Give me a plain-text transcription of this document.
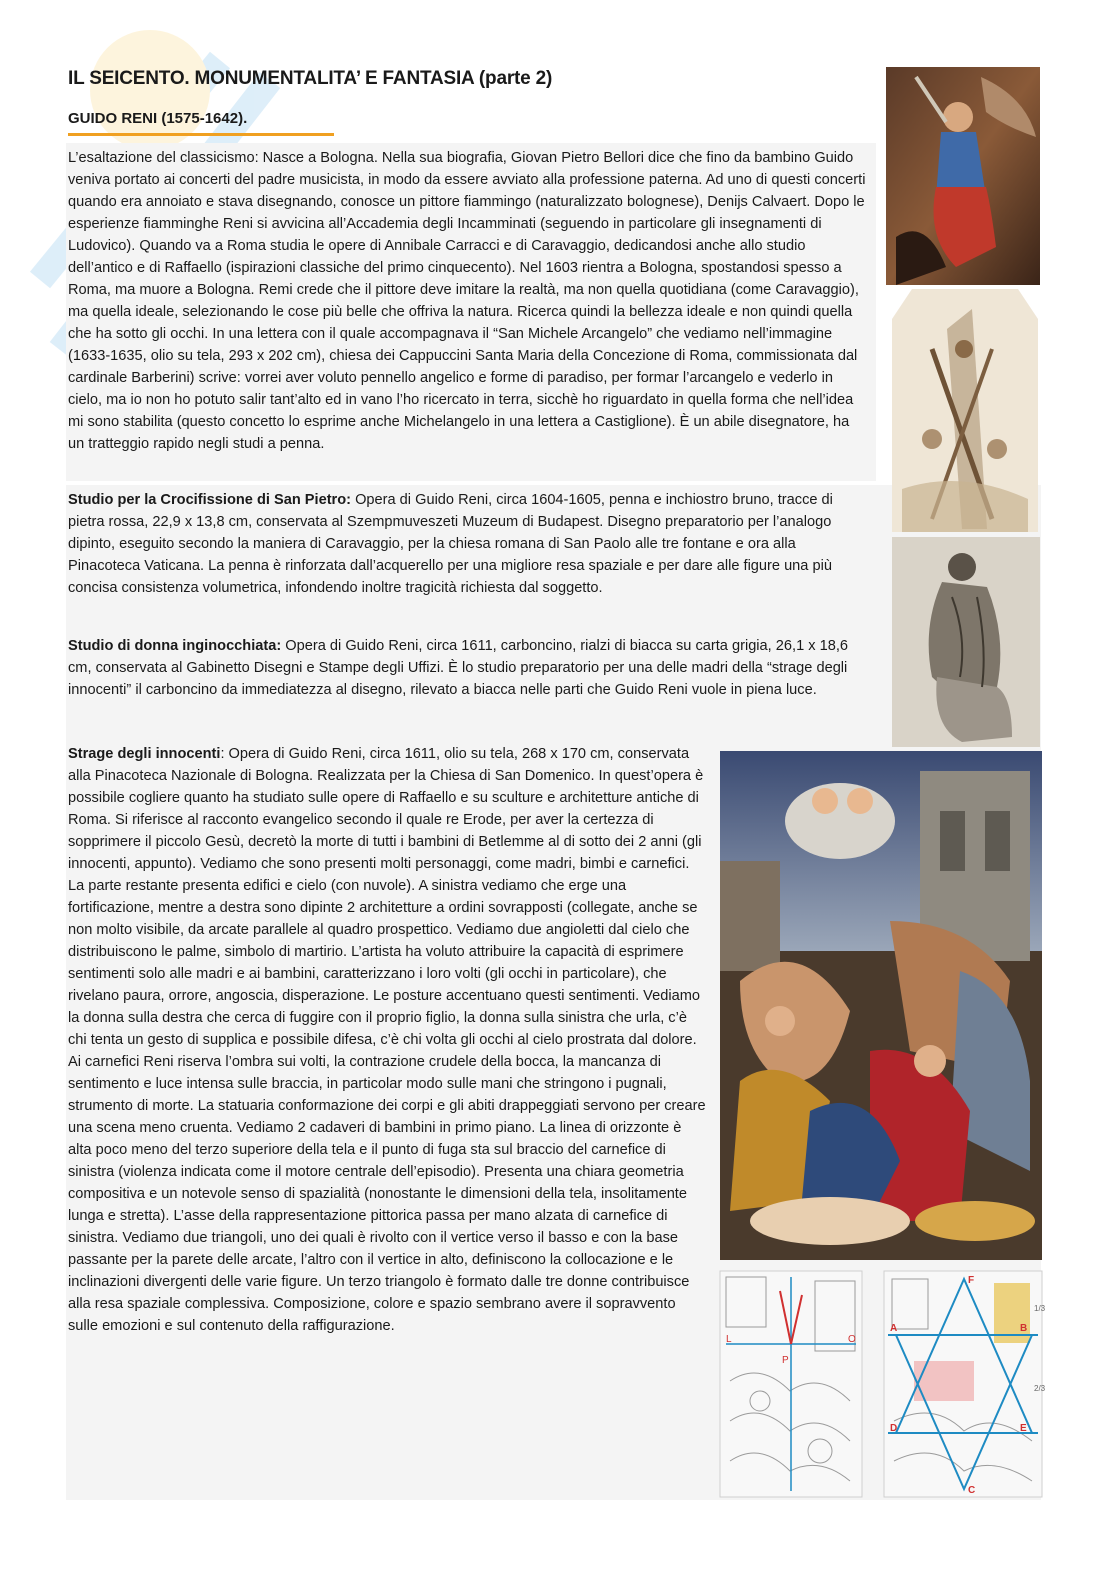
IL SEICENTO. MONUMENTALITA’ E FANTASIA (parte 2)
GUIDO RENI (1575-1642).

L’esaltazione del classicismo: Nasce a Bologna. Nella sua biografia, Giovan Pietro Bellori dice che fino da bambino Guido veniva portato ai concerti del padre musicista, in modo da essere avviato alla professione paterna. Ad uno di questi concerti quando era annoiato e stava disegnando, conosce un pittore fiammingo (naturalizzato bolognese), Denijs Calvaert. Dopo le esperienze fiamminghe Reni si avvicina all’Accademia degli Incamminati (seguendo in particolare gli insegnamenti di Ludovico). Quando va a Roma studia le opere di Annibale Carracci e di Caravaggio, dedicandosi anche allo studio dell’antico e di Raffaello (ispirazioni classiche del primo cinquecento). Nel 1603 rientra a Bologna, spostandosi spesso a Roma, ma muore a Bologna. Remi crede che il pittore deve imitare la realtà, ma non quella quotidiana (come Caravaggio), ma quella ideale, selezionando le cose più belle che offriva la natura. Ricerca quindi la bellezza ideale e non quindi quella che ha sotto gli occhi. In una lettera con il quale accompagnava il “San Michele Arcangelo” che vediamo nell’immagine (1633-1635, olio su tela, 293 x 202 cm), chiesa dei Cappuccini Santa Maria della Concezione di Roma, commissionata dal cardinale Barberini) scrive: vorrei aver voluto pennello angelico e forme di paradiso, per formar l’arcangelo e vederlo in cielo, ma io non ho potuto salir tant’alto ed in vano l’ho ricercato in terra, sicchè ho riguardato in quella forma che nell’idea mi sono stabilita (questo concetto lo esprime anche Michelangelo in una lettera a Castiglione). È un abile disegnatore, ha un tratteggio rapido negli studi a penna.

Studio per la Crocifissione di San Pietro: Opera di Guido Reni, circa 1604-1605, penna e inchiostro bruno, tracce di pietra rossa, 22,9 x 13,8 cm, conservata al Szempmuveszeti Muzeum di Budapest. Disegno preparatorio per l’analogo dipinto, eseguito secondo la maniera di Caravaggio, per la chiesa romana di San Paolo alle tre fontane e ora alla Pinacoteca Vaticana. La penna è rinforzata dall’acquerello per una migliore resa spaziale e per dare alle figure una più concisa consistenza volumetrica, infondendo inoltre tragicità richiesta dal soggetto.

Studio di donna inginocchiata: Opera di Guido Reni, circa 1611, carboncino, rialzi di biacca su carta grigia, 26,1 x 18,6 cm, conservata al Gabinetto Disegni e Stampe degli Uffizi. È lo studio preparatorio per una delle madri della “strage degli innocenti” il carboncino da immediatezza al disegno, rilevato a biacca nelle parti che Guido Reni vuole in piena luce.

Strage degli innocenti: Opera di Guido Reni, circa 1611, olio su tela, 268 x 170 cm, conservata alla Pinacoteca Nazionale di Bologna. Realizzata per la Chiesa di San Domenico. In quest’opera è possibile cogliere quanto ha studiato sulle opere di Raffaello e su sculture e architetture antiche di Roma. Si riferisce al racconto evangelico secondo il quale re Erode, per aver la certezza di sopprimere il piccolo Gesù, decretò la morte di tutti i bambini di Betlemme al di sotto dei 2 anni (gli innocenti, appunto). Vediamo che sono presenti molti personaggi, come madri, bimbi e carnefici. La parte restante presenta edifici e cielo (con nuvole). A sinistra vediamo che erge una fortificazione, mentre a destra sono dipinte 2 architetture a ordini sovrapposti (collegate, anche se non molto visibile, da arcate parallele al quadro prospettico. Vediamo due angioletti dal cielo che distribuiscono le palme, simbolo di martirio. L’artista ha voluto attribuire la capacità di esprimere sentimenti solo alle madri e ai bambini, caratterizzano i loro volti (gli occhi in particolare), che rivelano paura, orrore, angoscia, disperazione. Le posture accentuano questi sentimenti. Vediamo la donna sulla destra che cerca di fuggire con il proprio figlio, la donna sulla sinistra che urla, c’è chi tenta un gesto di supplica e possibile difesa, c’è chi volta gli occhi al cielo prostrata dal dolore. Ai carnefici Reni riserva l’ombra sui volti, la contrazione crudele della bocca, la mancanza di sentimento e luce intensa sulle braccia, in particolar modo sulle mani che stringono i pugnali, strumento di morte. La statuaria conformazione dei corpi e gli abiti drappeggiati servono per creare una scena meno cruenta. Vediamo 2 cadaveri di bambini in primo piano. La linea di orizzonte è alta poco meno del terzo superiore della tela e il punto di fuga sta sul braccio del carnefice di sinistra (violenza indicata come il motore centrale dell’episodio). Presenta una chiara geometria compositiva e un notevole senso di spazialità (nonostante le dimensioni della tela, insolitamente lunga e stretta). L’asse della rappresentazione pittorica passa per mano alzata di carnefice di sinistra. Vediamo due triangoli, uno dei quali è rivolto con il vertice verso il basso e con la base passante per la parete delle arcate, l’altro con il vertice in alto, definiscono la collocazione e le inclinazioni divergenti delle varie figure. Un terzo triangolo è formato dalle tre donne contribuisce alla resa spaziale complessiva. Composizione, colore e spazio sembrano avere il sopravvento sulle emozioni e sul contenuto della raffigurazione.

L
P
O
F
A	B
D	E
C
1/3
2/3
